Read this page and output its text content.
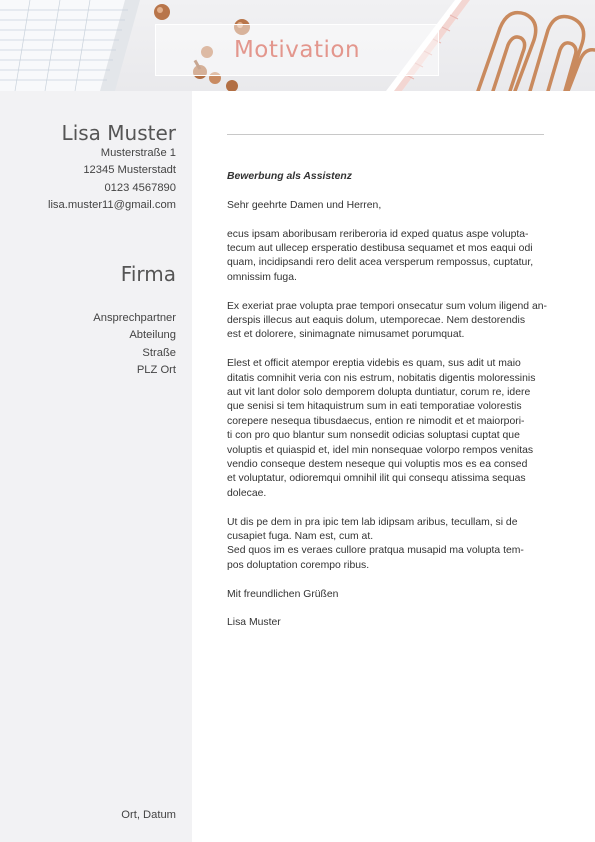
Motivation
Lisa Muster
Musterstraße 1
12345 Musterstadt
0123 4567890
lisa.muster11@gmail.com
Firma
Ansprechpartner
Abteilung
Straße
PLZ Ort
Ort, Datum
Bewerbung als Assistenz
Sehr geehrte Damen und Herren,
ecus ipsam aboribusam reriberoria id exped quatus aspe volupta-
tecum aut ullecep ersperatio destibusa sequamet et mos eaqui odi
quam, incidipsandi rero delit acea versperum rempossus, cuptatur,
omnissim fuga.
Ex exeriat prae volupta prae tempori onsecatur sum volum iligend an-
derspis illecus aut eaquis dolum, utemporecae. Nem destorendis
est et dolorere, sinimagnate nimusamet porumquat.
Elest et officit atempor ereptia videbis es quam, sus adit ut maio
ditatis comnihit veria con nis estrum, nobitatis digentis moloressinis
aut vit lant dolor solo demporem dolupta duntiatur, corum re, idere
que senisi si tem hitaquistrum sum in eati temporatiae volorestis
corepere nesequa tibusdaecus, ention re nimodit et et maiorpori-
ti con pro quo blantur sum nonsedit odicias soluptasi cuptat que
voluptis et quiaspid et, idel min nonsequae volorpo rempos venitas
vendio conseque destem neseque qui voluptis mos es ea consed
et voluptatur, odioremqui omnihil ilit qui consequ atissima sequas
dolecae.
Ut dis pe dem in pra ipic tem lab idipsam aribus, tecullam, si de
cusapiet fuga. Nam est, cum at.
Sed quos im es veraes cullore pratqua musapid ma volupta tem-
pos doluptation corempo ribus.
Mit freundlichen Grüßen
Lisa Muster
